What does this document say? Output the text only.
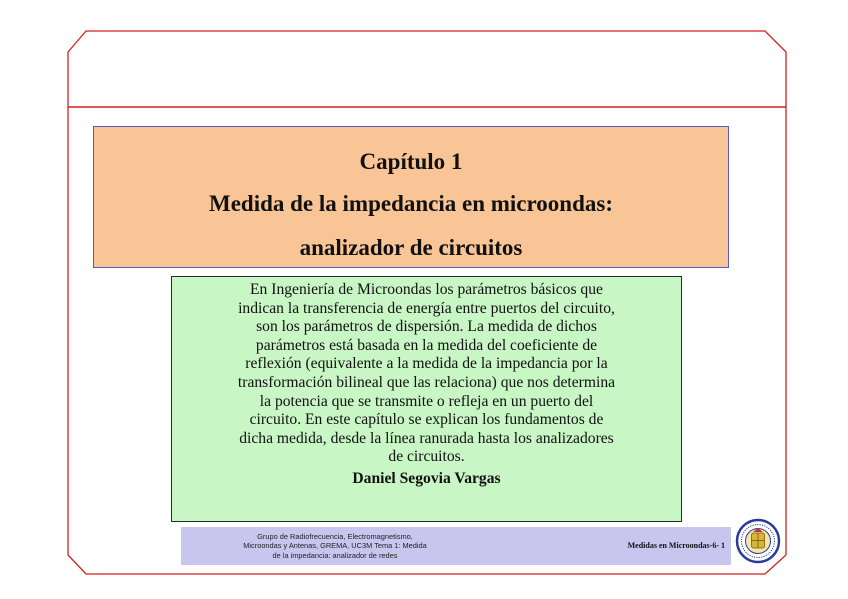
Capítulo 1
Medida de la impedancia en microondas:
analizador de circuitos
En Ingeniería de Microondas los parámetros básicos que
indican la transferencia de energía entre puertos del circuito,
son los parámetros de dispersión. La medida de dichos
parámetros está basada en la medida del coeficiente de
reflexión (equivalente a la medida de la impedancia por la
transformación bilineal que las relaciona) que nos determina
la potencia que se transmite o refleja en un puerto del
circuito. En este capítulo se explican los fundamentos de
dicha medida, desde la línea ranurada hasta los analizadores
de circuitos.
Daniel Segovia Vargas
Grupo de Radiofrecuencia, Electromagnetismo,
Microondas y Antenas, GREMA, UC3M Tema 1: Medida
de la impedancia: analizador de redes
Medidas en Microondas-6- 1
